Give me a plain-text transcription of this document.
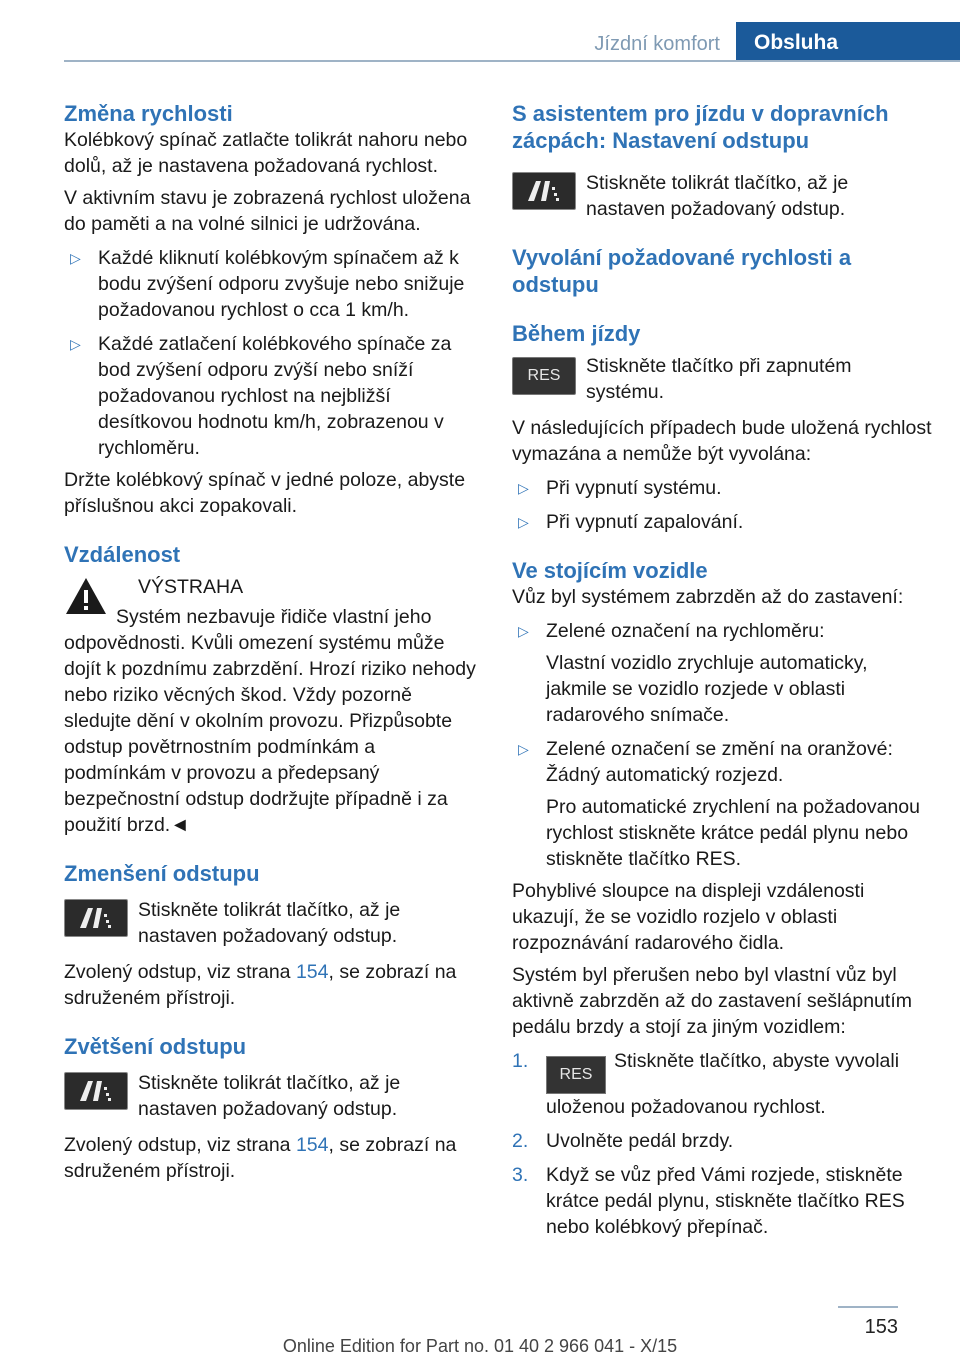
Jízdní komfort	Obsluha
Změna rychlosti

Kolébkový spínač zatlačte tolikrát nahoru nebo dolů, až je nastavena požadovaná rychlost.

V aktivním stavu je zobrazená rychlost uložena do paměti a na volné silnici je udržována.

▷ Každé kliknutí kolébkovým spínačem až k bodu zvýšení odporu zvyšuje nebo snižuje požadovanou rychlost o cca 1 km/h.
▷ Každé zatlačení kolébkového spínače za bod zvýšení odporu zvýší nebo sníží požadovanou rychlost na nejbližší desítkovou hodnotu km/h, zobrazenou v rychloměru.

Držte kolébkový spínač v jedné poloze, abyste příslušnou akci zopakovali.

Vzdálenost

VÝSTRAHA

Systém nezbavuje řidiče vlastní jeho odpovědnosti. Kvůli omezení systému může dojít k pozdnímu zabrzdění. Hrozí riziko nehody nebo riziko věcných škod. Vždy pozorně sledujte dění v okolním provozu. Přizpůsobte odstup povětrnostním podmínkám a podmínkám v provozu a předepsaný bezpečnostní odstup dodržujte případně i za použití brzd.◄

Zmenšení odstupu

Stiskněte tolikrát tlačítko, až je nastaven požadovaný odstup.

Zvolený odstup, viz strana 154, se zobrazí na sdruženém přístroji.

Zvětšení odstupu

Stiskněte tolikrát tlačítko, až je nastaven požadovaný odstup.

Zvolený odstup, viz strana 154, se zobrazí na sdruženém přístroji.

S asistentem pro jízdu v dopravních zácpách: Nastavení odstupu

Stiskněte tolikrát tlačítko, až je nastaven požadovaný odstup.

Vyvolání požadované rychlosti a odstupu
Během jízdy
RES	Stiskněte tlačítko při zapnutém systému.

V následujících případech bude uložená rychlost vymazána a nemůže být vyvolána:

▷ Při vypnutí systému.
▷ Při vypnutí zapalování.
Ve stojícím vozidle

Vůz byl systémem zabrzděn až do zastavení:

▷ Zelené označení na rychloměru:

Vlastní vozidlo zrychluje automaticky, jakmile se vozidlo rozjede v oblasti radarového snímače.

▷ Zelené označení se změní na oranžové: Žádný automatický rozjezd.

Pro automatické zrychlení na požadovanou rychlost stiskněte krátce pedál plynu nebo stiskněte tlačítko RES.

Pohyblivé sloupce na displeji vzdálenosti ukazují, že se vozidlo rozjelo v oblasti rozpoznávání radarového čidla.

Systém byl přerušen nebo byl vlastní vůz byl aktivně zabrzděn až do zastavení sešlápnutím pedálu brzdy a stojí za jiným vozidlem:

1.
RESStiskněte tlačítko, abyste vyvolali uloženou požadovanou rychlost.
2. Uvolněte pedál brzdy.
3. Když se vůz před Vámi rozjede, stiskněte krátce pedál plynu, stiskněte tlačítko RES nebo kolébkový přepínač.
153
Online Edition for Part no. 01 40 2 966 041 - X/15
